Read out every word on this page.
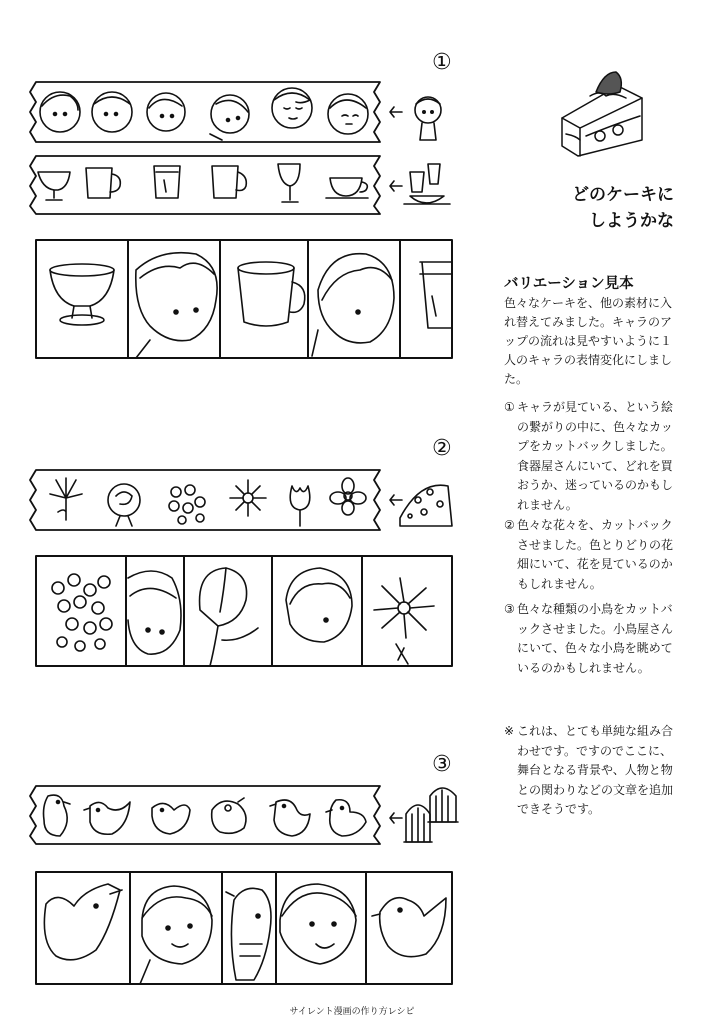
①
②
③
どのケーキに
しようかな
バリエーション見本
色々なケーキを、他の素材に入れ替えてみました。キャラのアップの流れは見やすいように１人のキャラの表情変化にしました。
① キャラが見ている、という絵の繋がりの中に、色々なカップをカットバックしました。食器屋さんにいて、どれを買おうか、迷っているのかもしれません。
② 色々な花々を、カットバックさせました。色とりどりの花畑にいて、花を見ているのかもしれません。
③ 色々な種類の小鳥をカットバックさせました。小鳥屋さんにいて、色々な小鳥を眺めているのかもしれません。
※ これは、とても単純な組み合わせです。ですのでここに、舞台となる背景や、人物と物との関わりなどの文章を追加できそうです。
サイレント漫画の作り方レシピ
